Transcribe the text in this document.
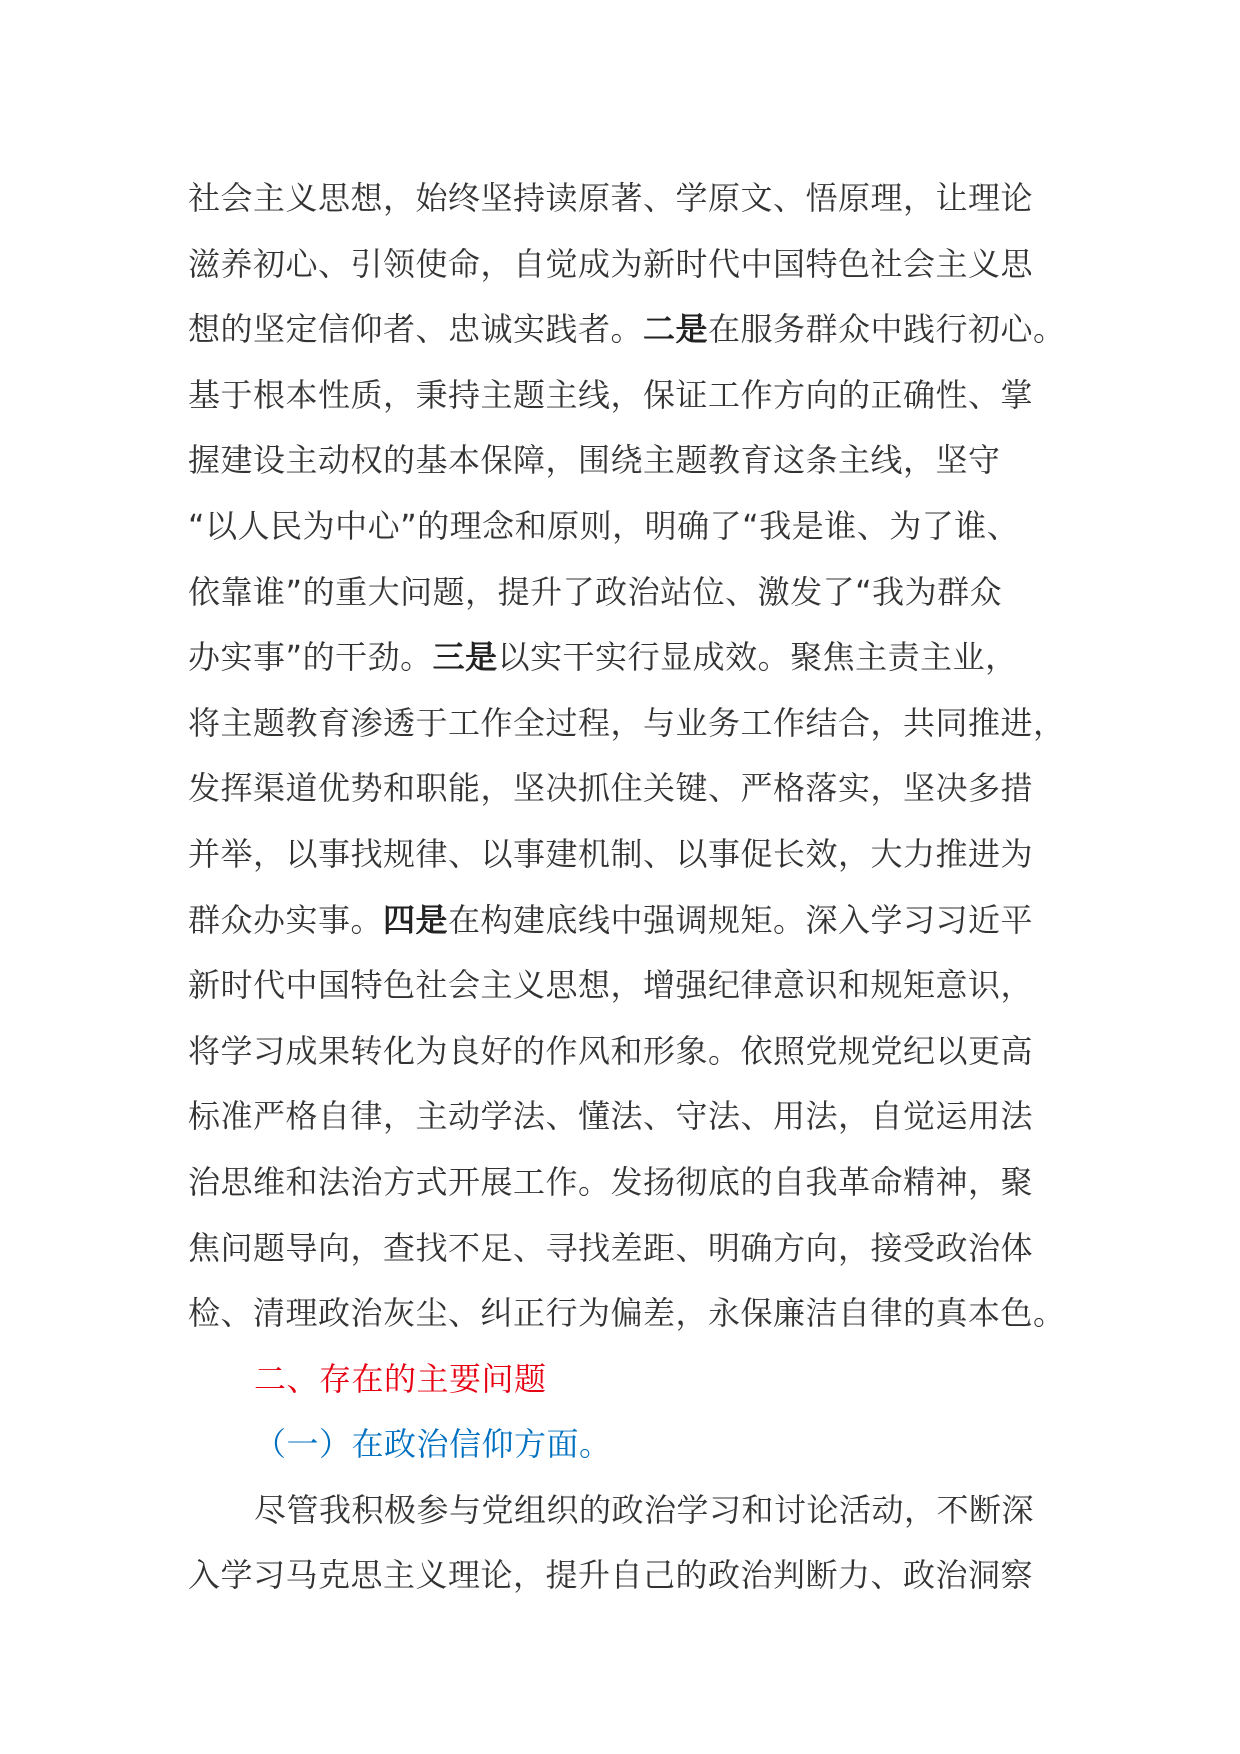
社会主义思想，始终坚持读原著、学原文、悟原理，让理论
滋养初心、引领使命，自觉成为新时代中国特色社会主义思
想的坚定信仰者、忠诚实践者。二是在服务群众中践行初心。
基于根本性质，秉持主题主线，保证工作方向的正确性、掌
握建设主动权的基本保障，围绕主题教育这条主线，坚守
“以人民为中心”的理念和原则，明确了“我是谁、为了谁、
依靠谁”的重大问题，提升了政治站位、激发了“我为群众
办实事”的干劲。三是以实干实行显成效。聚焦主责主业，
将主题教育渗透于工作全过程，与业务工作结合，共同推进，
发挥渠道优势和职能，坚决抓住关键、严格落实，坚决多措
并举，以事找规律、以事建机制、以事促长效，大力推进为
群众办实事。四是在构建底线中强调规矩。深入学习习近平
新时代中国特色社会主义思想，增强纪律意识和规矩意识，
将学习成果转化为良好的作风和形象。依照党规党纪以更高
标准严格自律，主动学法、懂法、守法、用法，自觉运用法
治思维和法治方式开展工作。发扬彻底的自我革命精神，聚
焦问题导向，查找不足、寻找差距、明确方向，接受政治体
检、清理政治灰尘、纠正行为偏差，永保廉洁自律的真本色。
二、存在的主要问题
（一）在政治信仰方面。
尽管我积极参与党组织的政治学习和讨论活动，不断深
入学习马克思主义理论，提升自己的政治判断力、政治洞察
